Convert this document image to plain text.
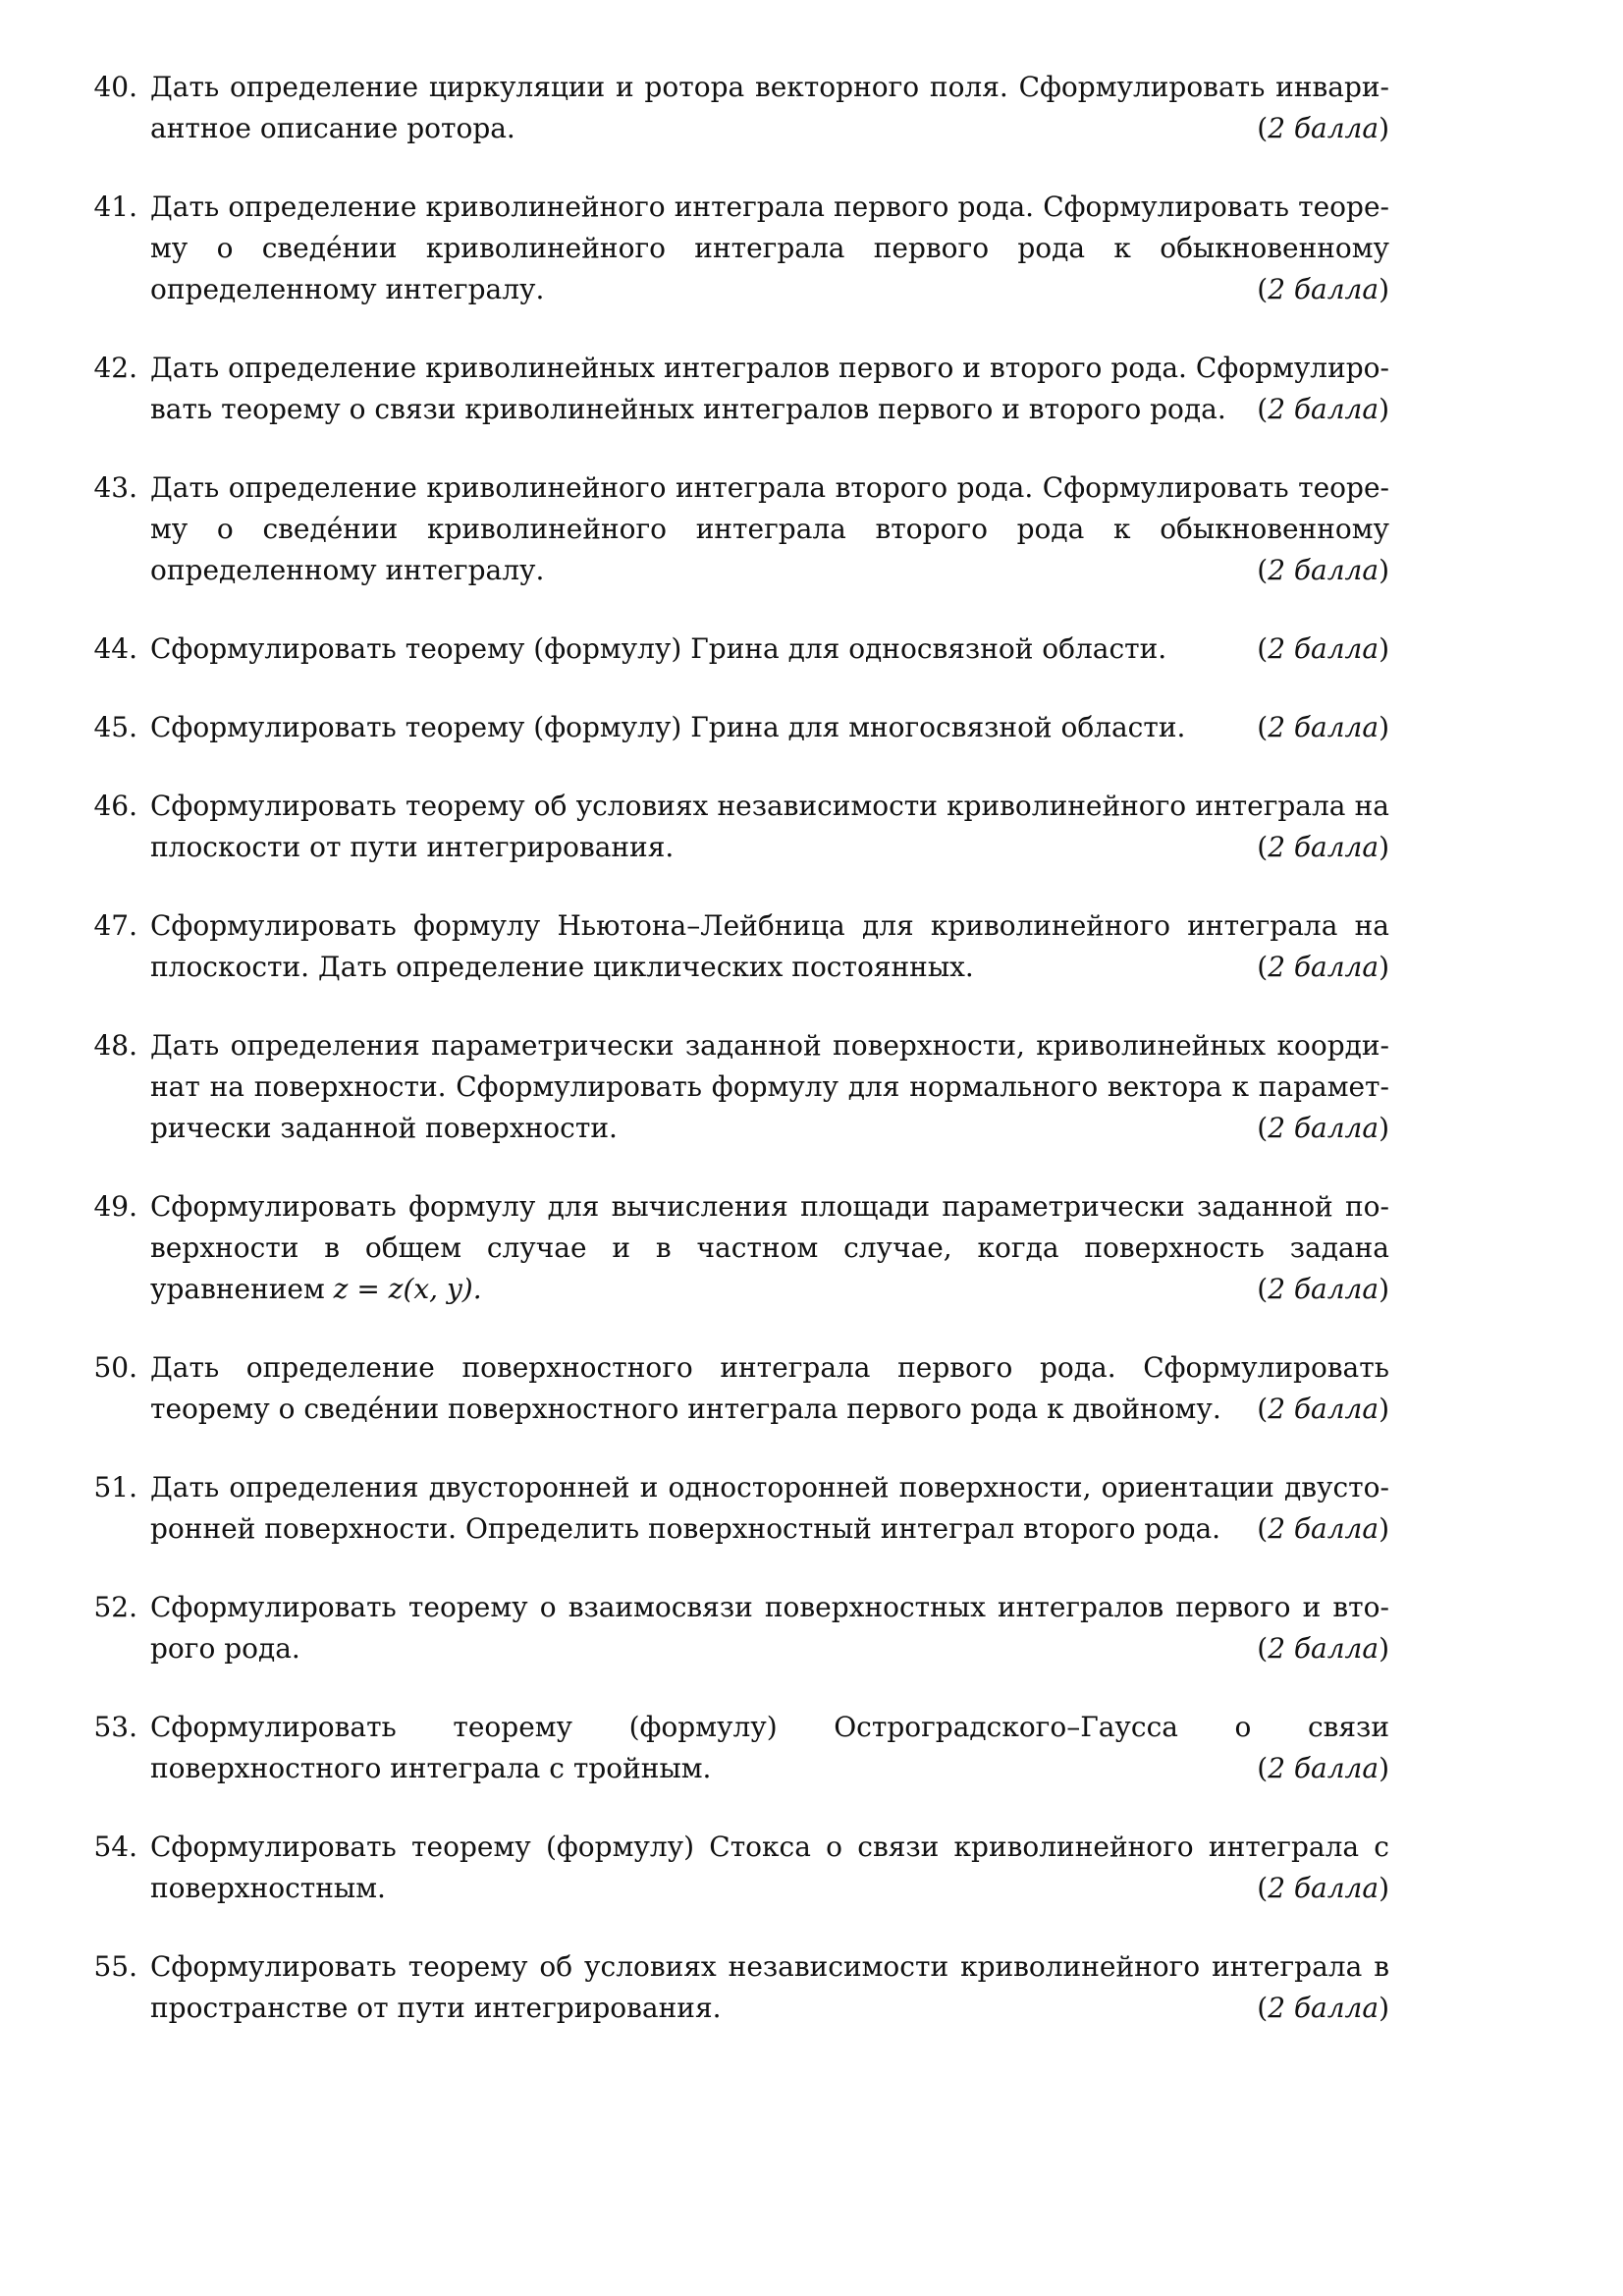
40. Дать определение циркуляции и ротора векторного поля. Сформулировать инвариантное описание ротора.	(2 балла)
41. Дать определение криволинейного интеграла первого рода. Сформулировать теорему о сведéнии криволинейного интеграла первого рода к обыкновенному определенному интегралу.	(2 балла)
42. Дать определение криволинейных интегралов первого и второго рода. Сформулировать теорему о связи криволинейных интегралов первого и второго рода. (2 балла)
43. Дать определение криволинейного интеграла второго рода. Сформулировать теорему о сведéнии криволинейного интеграла второго рода к обыкновенному определенному интегралу.	(2 балла)
44. Сформулировать теорему (формулу) Грина для односвязной области.	(2 балла)
45. Сформулировать теорему (формулу) Грина для многосвязной области.	(2 балла)
46. Сформулировать теорему об условиях независимости криволинейного интеграла на плоскости от пути интегрирования.	(2 балла)
47. Сформулировать формулу Ньютона–Лейбница для криволинейного интеграла на плоскости. Дать определение циклических постоянных.	(2 балла)
48. Дать определения параметрически заданной поверхности, криволинейных координат на поверхности. Сформулировать формулу для нормального вектора к параметрически заданной поверхности.	(2 балла)
49. Сформулировать формулу для вычисления площади параметрически заданной поверхности в общем случае и в частном случае, когда поверхность задана уравнением z = z(x, y).	(2 балла)
50. Дать определение поверхностного интеграла первого рода. Сформулировать теорему о сведéнии поверхностного интеграла первого рода к двойному. (2 балла)
51. Дать определения двусторонней и односторонней поверхности, ориентации двусторонней поверхности. Определить поверхностный интеграл второго рода. (2 балла)
52. Сформулировать теорему о взаимосвязи поверхностных интегралов первого и второго рода.	(2 балла)
53. Сформулировать теорему (формулу) Остроградского–Гаусса о связи поверхностного интеграла с тройным.	(2 балла)
54. Сформулировать теорему (формулу) Стокса о связи криволинейного интеграла с поверхностным.	(2 балла)
55. Сформулировать теорему об условиях независимости криволинейного интеграла в пространстве от пути интегрирования.	(2 балла)
